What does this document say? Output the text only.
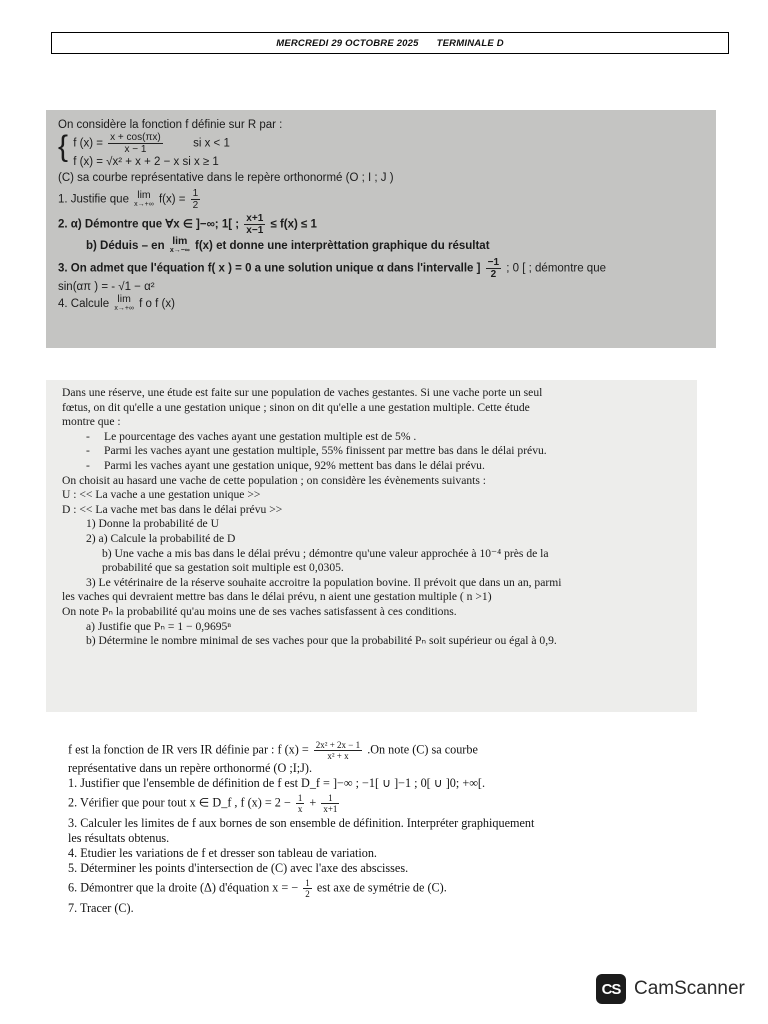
MERCREDI 29 OCTOBRE 2025 TERMINALE D
On considère la fonction f définie sur R par :
{ f $(x) = \frac{x + \cos(\pi x)}{x - 1}$	si x < 1
f (x) = √x² + x + 2 − x si x ≥ 1
(C) sa courbe représentative dans le repère orthonormé (O ; I ; J )
1. Justifie que lim
x→+∞ $f(x) = \frac{1}{2}$
2. α) Démontre que ∀x ∈ ]−∞; 1[ ; $\frac{x+1}{x-1} \le f(x) \le 1$
b) Déduis – en lim
x→−∞ f(x) et donne une interprèttation graphique du résultat
3. On admet que l'équation f( x ) = 0 a une solution unique α dans l'intervalle ] $\frac{-1}{2}$ ; 0 [ ; démontre que
sin(απ ) = - √1 − α²
4. Calcule lim
x→+∞ f o f (x)
Dans une réserve, une étude est faite sur une population de vaches gestantes. Si une vache porte un seul
fœtus, on dit qu'elle a une gestation unique ; sinon on dit qu'elle a une gestation multiple. Cette étude
montre que :
- Le pourcentage des vaches ayant une gestation multiple est de 5% .
- Parmi les vaches ayant une gestation multiple, 55% finissent par mettre bas dans le délai prévu.
- Parmi les vaches ayant une gestation unique, 92% mettent bas dans le délai prévu.
On choisit au hasard une vache de cette population ; on considère les évènements suivants :
U : << La vache a une gestation unique >>
D : << La vache met bas dans le délai prévu >>
1) Donne la probabilité de U
2) a) Calcule la probabilité de D
b) Une vache a mis bas dans le délai prévu ; démontre qu'une valeur approchée à 10⁻⁴ près de la
probabilité que sa gestation soit multiple est 0,0305.
3) Le vétérinaire de la réserve souhaite accroitre la population bovine. Il prévoit que dans un an, parmi
les vaches qui devraient mettre bas dans le délai prévu, n aient une gestation multiple ( n >1)
On note Pₙ la probabilité qu'au moins une de ses vaches satisfassent à ces conditions.
a) Justifie que Pₙ = 1 − 0,9695ⁿ
b) Détermine le nombre minimal de ses vaches pour que la probabilité Pₙ soit supérieur ou égal à 0,9.
f est la fonction de IR vers IR définie par : f $(x) = \frac{\text{2x² + 2x − 1}}{\text{x² + x}} .On$ note (C) sa courbe
représentative dans un repère orthonormé (O ;I;J).
1. Justifier que l'ensemble de définition de f est D_f = ]−∞ ; −1[ ∪ ]−1 ; 0[ ∪ ]0; +∞[.
2. Vérifier que pour tout x ∈ D_f , f $(x) = 2 - \frac{1}{x} + \frac{1}{x+1}$
3. Calculer les limites de f aux bornes de son ensemble de définition. Interpréter graphiquement
les résultats obtenus.
4. Etudier les variations de f et dresser son tableau de variation.
5. Déterminer les points d'intersection de (C) avec l'axe des abscisses.
6. Démontrer que la droite (Δ) d'équation x = − $\frac{1}{2}$ est axe de symétrie de (C).
7. Tracer (C).
CS CamScanner
